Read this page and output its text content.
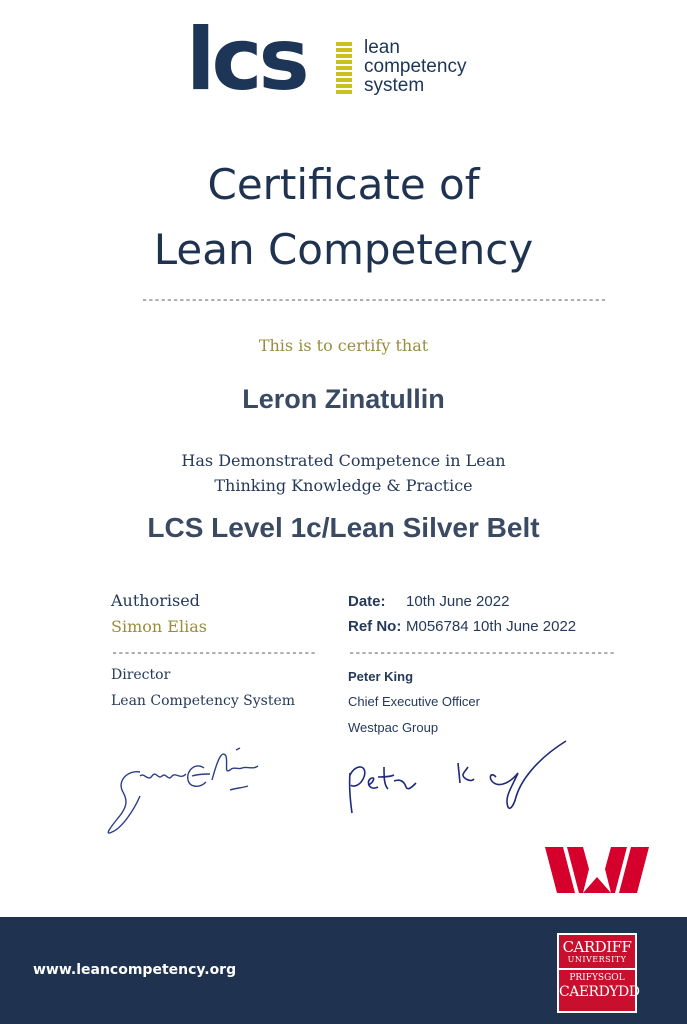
lcs	lean
competency
system
Certificate of
Lean Competency
---------------------------------------------------------------------------
This is to certify that
Leron Zinatullin
Has Demonstrated Competence in Lean
Thinking Knowledge & Practice
LCS Level 1c/Lean Silver Belt
Authorised
Simon Elias
---------------------------------
Director
Lean Competency System
Date: 10th June 2022
Ref No: M056784 10th June 2022
-------------------------------------------
Peter King
Chief Executive Officer
Westpac Group
www.leancompetency.org
CARDIFF
UNIVERSITY
PRIFYSGOL
CAERDYDD
